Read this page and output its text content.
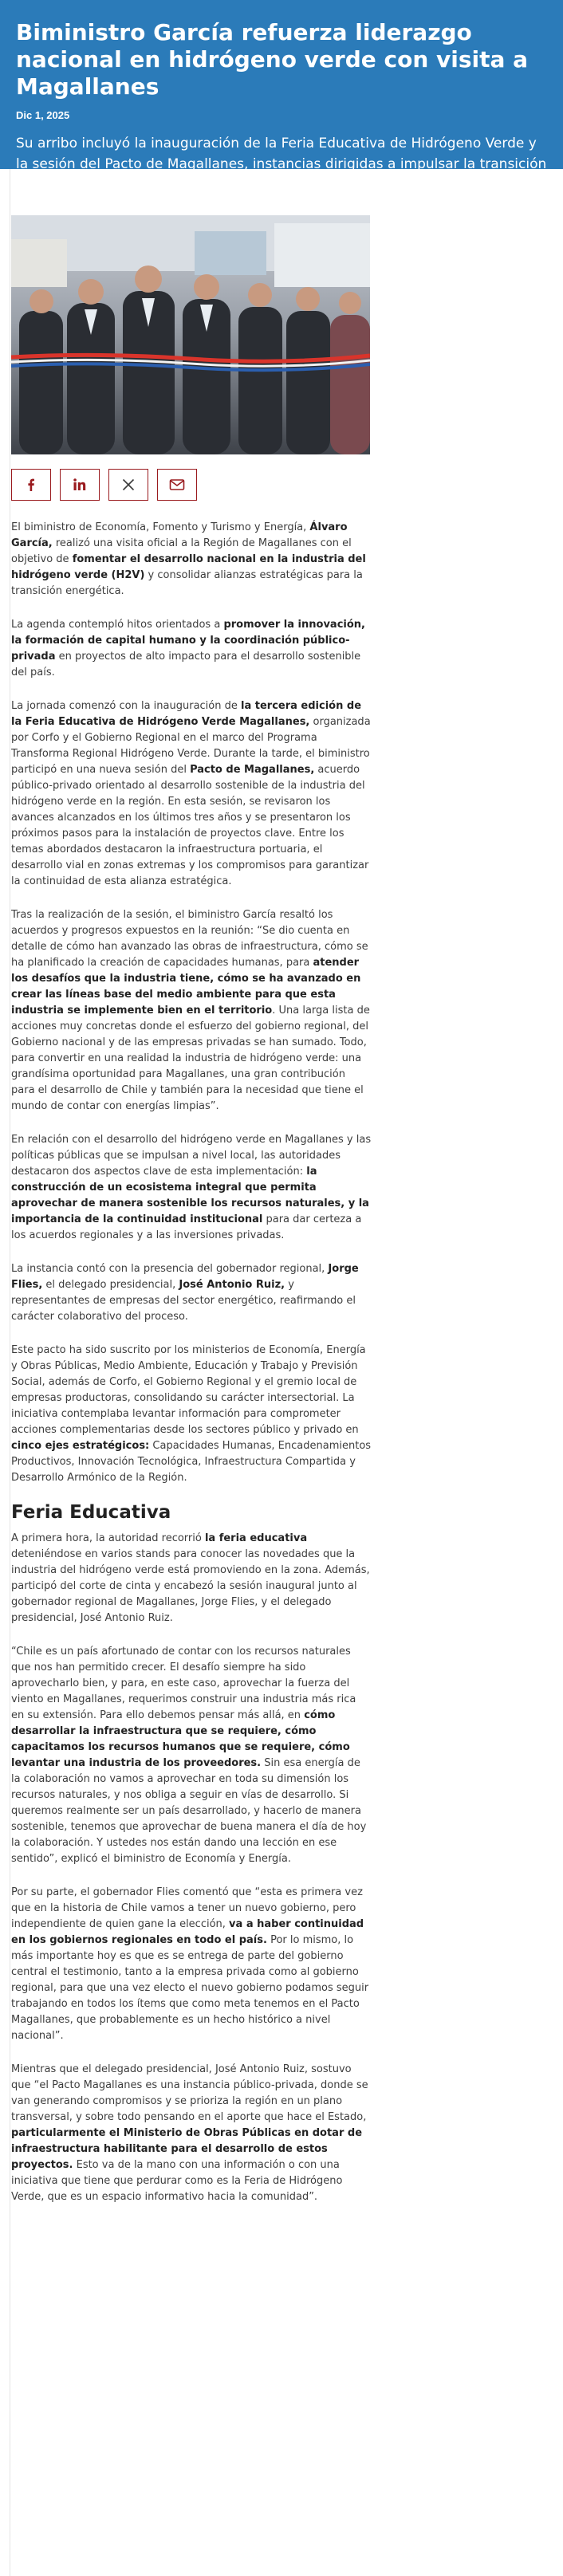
Biministro García refuerza liderazgo nacional en hidrógeno verde con visita a Magallanes
Dic 1, 2025
Su arribo incluyó la inauguración de la Feria Educativa de Hidrógeno Verde y la sesión del Pacto de Magallanes, instancias dirigidas a impulsar la transición energética y fortalecer la colaboración público-privada en el crecimiento de esta industria.

El biministro de Economía, Fomento y Turismo y Energía, Álvaro García, realizó una visita oficial a la Región de Magallanes con el objetivo de fomentar el desarrollo nacional en la industria del hidrógeno verde (H2V) y consolidar alianzas estratégicas para la transición energética.

La agenda contempló hitos orientados a promover la innovación, la formación de capital humano y la coordinación público-privada en proyectos de alto impacto para el desarrollo sostenible del país.

La jornada comenzó con la inauguración de la tercera edición de la Feria Educativa de Hidrógeno Verde Magallanes, organizada por Corfo y el Gobierno Regional en el marco del Programa Transforma Regional Hidrógeno Verde. Durante la tarde, el biministro participó en una nueva sesión del Pacto de Magallanes, acuerdo público-privado orientado al desarrollo sostenible de la industria del hidrógeno verde en la región. En esta sesión, se revisaron los avances alcanzados en los últimos tres años y se presentaron los próximos pasos para la instalación de proyectos clave. Entre los temas abordados destacaron la infraestructura portuaria, el desarrollo vial en zonas extremas y los compromisos para garantizar la continuidad de esta alianza estratégica.

Tras la realización de la sesión, el biministro García resaltó los acuerdos y progresos expuestos en la reunión: “Se dio cuenta en detalle de cómo han avanzado las obras de infraestructura, cómo se ha planificado la creación de capacidades humanas, para atender los desafíos que la industria tiene, cómo se ha avanzado en crear las líneas base del medio ambiente para que esta industria se implemente bien en el territorio. Una larga lista de acciones muy concretas donde el esfuerzo del gobierno regional, del Gobierno nacional y de las empresas privadas se han sumado. Todo, para convertir en una realidad la industria de hidrógeno verde: una grandísima oportunidad para Magallanes, una gran contribución para el desarrollo de Chile y también para la necesidad que tiene el mundo de contar con energías limpias”.

En relación con el desarrollo del hidrógeno verde en Magallanes y las políticas públicas que se impulsan a nivel local, las autoridades destacaron dos aspectos clave de esta implementación: la construcción de un ecosistema integral que permita aprovechar de manera sostenible los recursos naturales, y la importancia de la continuidad institucional para dar certeza a los acuerdos regionales y a las inversiones privadas.

La instancia contó con la presencia del gobernador regional, Jorge Flies, el delegado presidencial, José Antonio Ruiz, y representantes de empresas del sector energético, reafirmando el carácter colaborativo del proceso.

Este pacto ha sido suscrito por los ministerios de Economía, Energía y Obras Públicas, Medio Ambiente, Educación y Trabajo y Previsión Social, además de Corfo, el Gobierno Regional y el gremio local de empresas productoras, consolidando su carácter intersectorial. La iniciativa contemplaba levantar información para comprometer acciones complementarias desde los sectores público y privado en cinco ejes estratégicos: Capacidades Humanas, Encadenamientos Productivos, Innovación Tecnológica, Infraestructura Compartida y Desarrollo Armónico de la Región.

Feria Educativa

A primera hora, la autoridad recorrió la feria educativa deteniéndose en varios stands para conocer las novedades que la industria del hidrógeno verde está promoviendo en la zona. Además, participó del corte de cinta y encabezó la sesión inaugural junto al gobernador regional de Magallanes, Jorge Flies, y el delegado presidencial, José Antonio Ruiz.

“Chile es un país afortunado de contar con los recursos naturales que nos han permitido crecer. El desafío siempre ha sido aprovecharlo bien, y para, en este caso, aprovechar la fuerza del viento en Magallanes, requerimos construir una industria más rica en su extensión. Para ello debemos pensar más allá, en cómo desarrollar la infraestructura que se requiere, cómo capacitamos los recursos humanos que se requiere, cómo levantar una industria de los proveedores. Sin esa energía de la colaboración no vamos a aprovechar en toda su dimensión los recursos naturales, y nos obliga a seguir en vías de desarrollo. Si queremos realmente ser un país desarrollado, y hacerlo de manera sostenible, tenemos que aprovechar de buena manera el día de hoy la colaboración. Y ustedes nos están dando una lección en ese sentido”, explicó el biministro de Economía y Energía.

Por su parte, el gobernador Flies comentó que “esta es primera vez que en la historia de Chile vamos a tener un nuevo gobierno, pero independiente de quien gane la elección, va a haber continuidad en los gobiernos regionales en todo el país. Por lo mismo, lo más importante hoy es que es se entrega de parte del gobierno central el testimonio, tanto a la empresa privada como al gobierno regional, para que una vez electo el nuevo gobierno podamos seguir trabajando en todos los ítems que como meta tenemos en el Pacto Magallanes, que probablemente es un hecho histórico a nivel nacional”.

Mientras que el delegado presidencial, José Antonio Ruiz, sostuvo que “el Pacto Magallanes es una instancia público-privada, donde se van generando compromisos y se prioriza la región en un plano transversal, y sobre todo pensando en el aporte que hace el Estado, particularmente el Ministerio de Obras Públicas en dotar de infraestructura habilitante para el desarrollo de estos proyectos. Esto va de la mano con una información o con una iniciativa que tiene que perdurar como es la Feria de Hidrógeno Verde, que es un espacio informativo hacia la comunidad”.
